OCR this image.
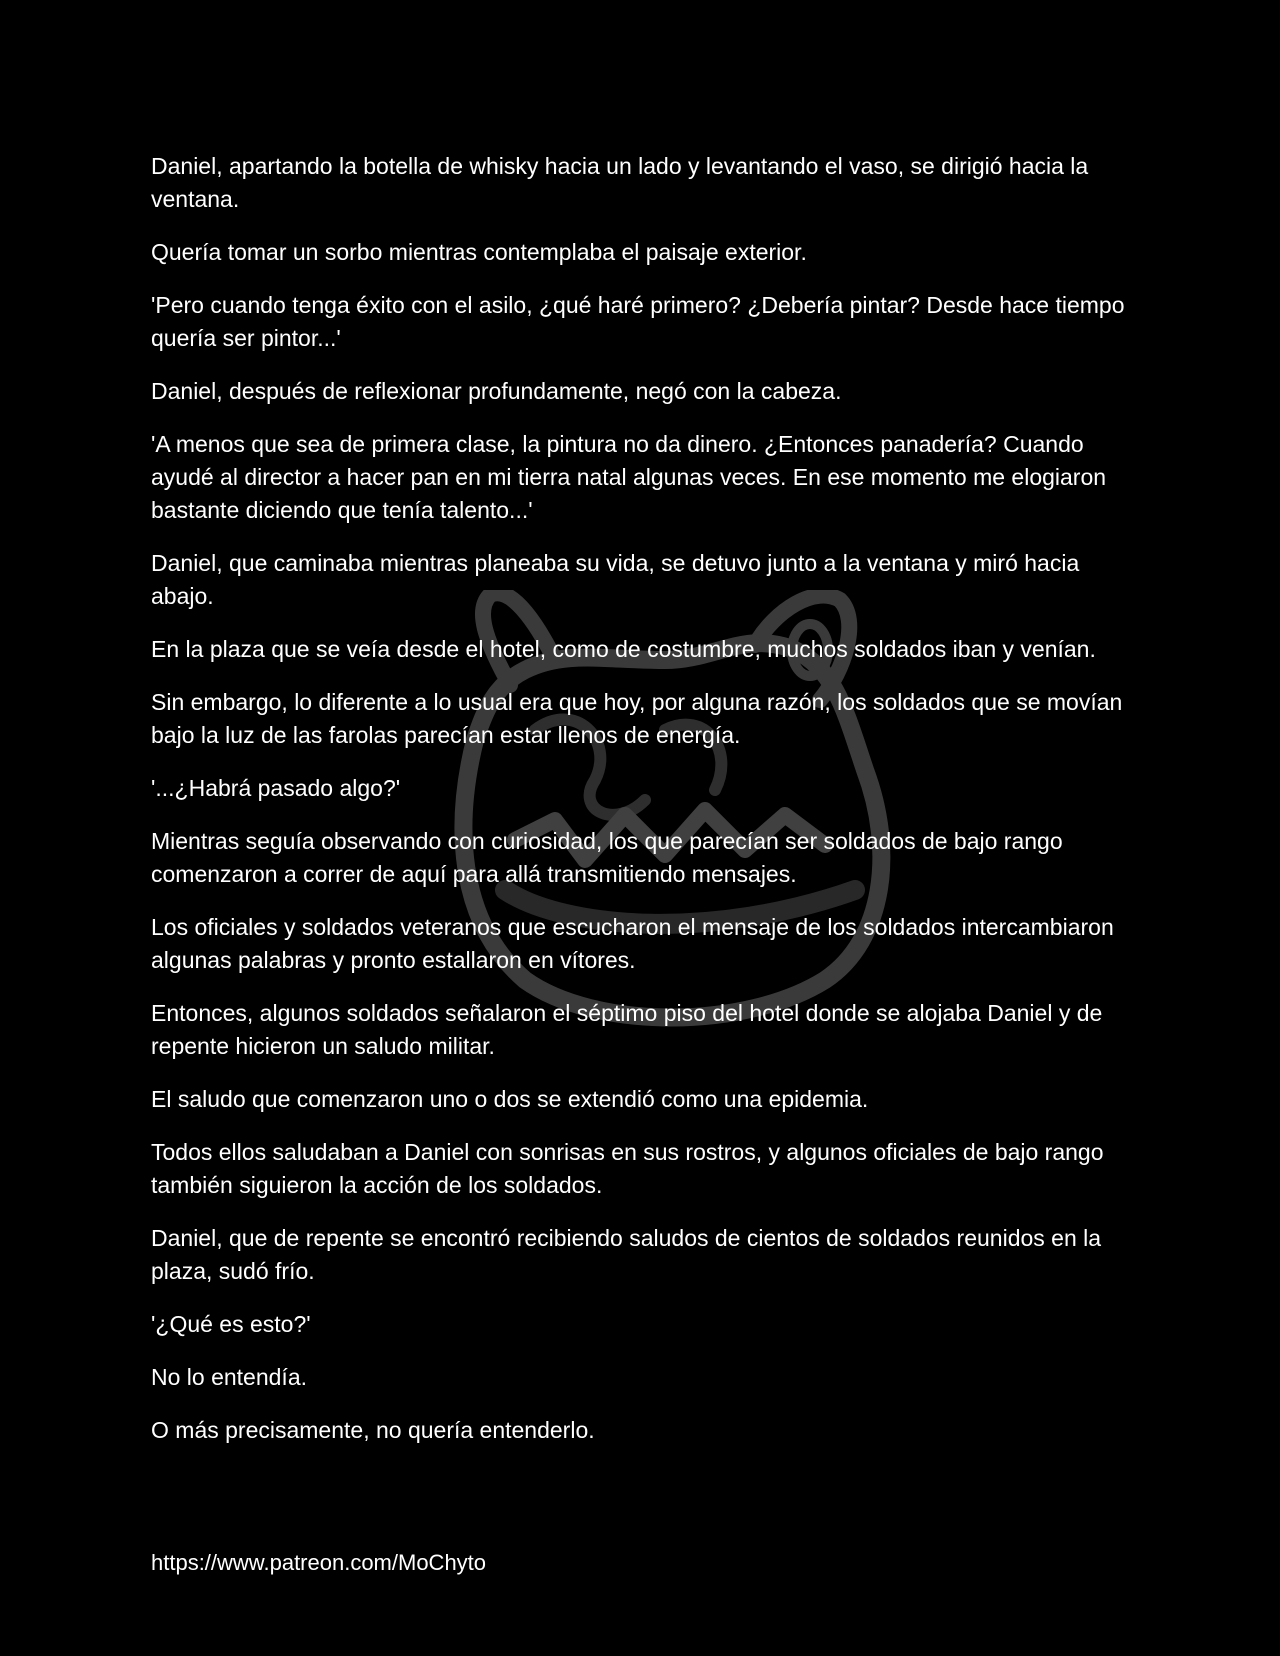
Daniel, apartando la botella de whisky hacia un lado y levantando el vaso, se dirigió hacia la ventana.

Quería tomar un sorbo mientras contemplaba el paisaje exterior.

'Pero cuando tenga éxito con el asilo, ¿qué haré primero? ¿Debería pintar? Desde hace tiempo quería ser pintor...'

Daniel, después de reflexionar profundamente, negó con la cabeza.

'A menos que sea de primera clase, la pintura no da dinero. ¿Entonces panadería? Cuando ayudé al director a hacer pan en mi tierra natal algunas veces. En ese momento me elogiaron bastante diciendo que tenía talento...'

Daniel, que caminaba mientras planeaba su vida, se detuvo junto a la ventana y miró hacia abajo.

En la plaza que se veía desde el hotel, como de costumbre, muchos soldados iban y venían.

Sin embargo, lo diferente a lo usual era que hoy, por alguna razón, los soldados que se movían bajo la luz de las farolas parecían estar llenos de energía.

'...¿Habrá pasado algo?'

Mientras seguía observando con curiosidad, los que parecían ser soldados de bajo rango comenzaron a correr de aquí para allá transmitiendo mensajes.

Los oficiales y soldados veteranos que escucharon el mensaje de los soldados intercambiaron algunas palabras y pronto estallaron en vítores.

Entonces, algunos soldados señalaron el séptimo piso del hotel donde se alojaba Daniel y de repente hicieron un saludo militar.

El saludo que comenzaron uno o dos se extendió como una epidemia.

Todos ellos saludaban a Daniel con sonrisas en sus rostros, y algunos oficiales de bajo rango también siguieron la acción de los soldados.

Daniel, que de repente se encontró recibiendo saludos de cientos de soldados reunidos en la plaza, sudó frío.

'¿Qué es esto?'

No lo entendía.

O más precisamente, no quería entenderlo.

https://www.patreon.com/MoChyto
